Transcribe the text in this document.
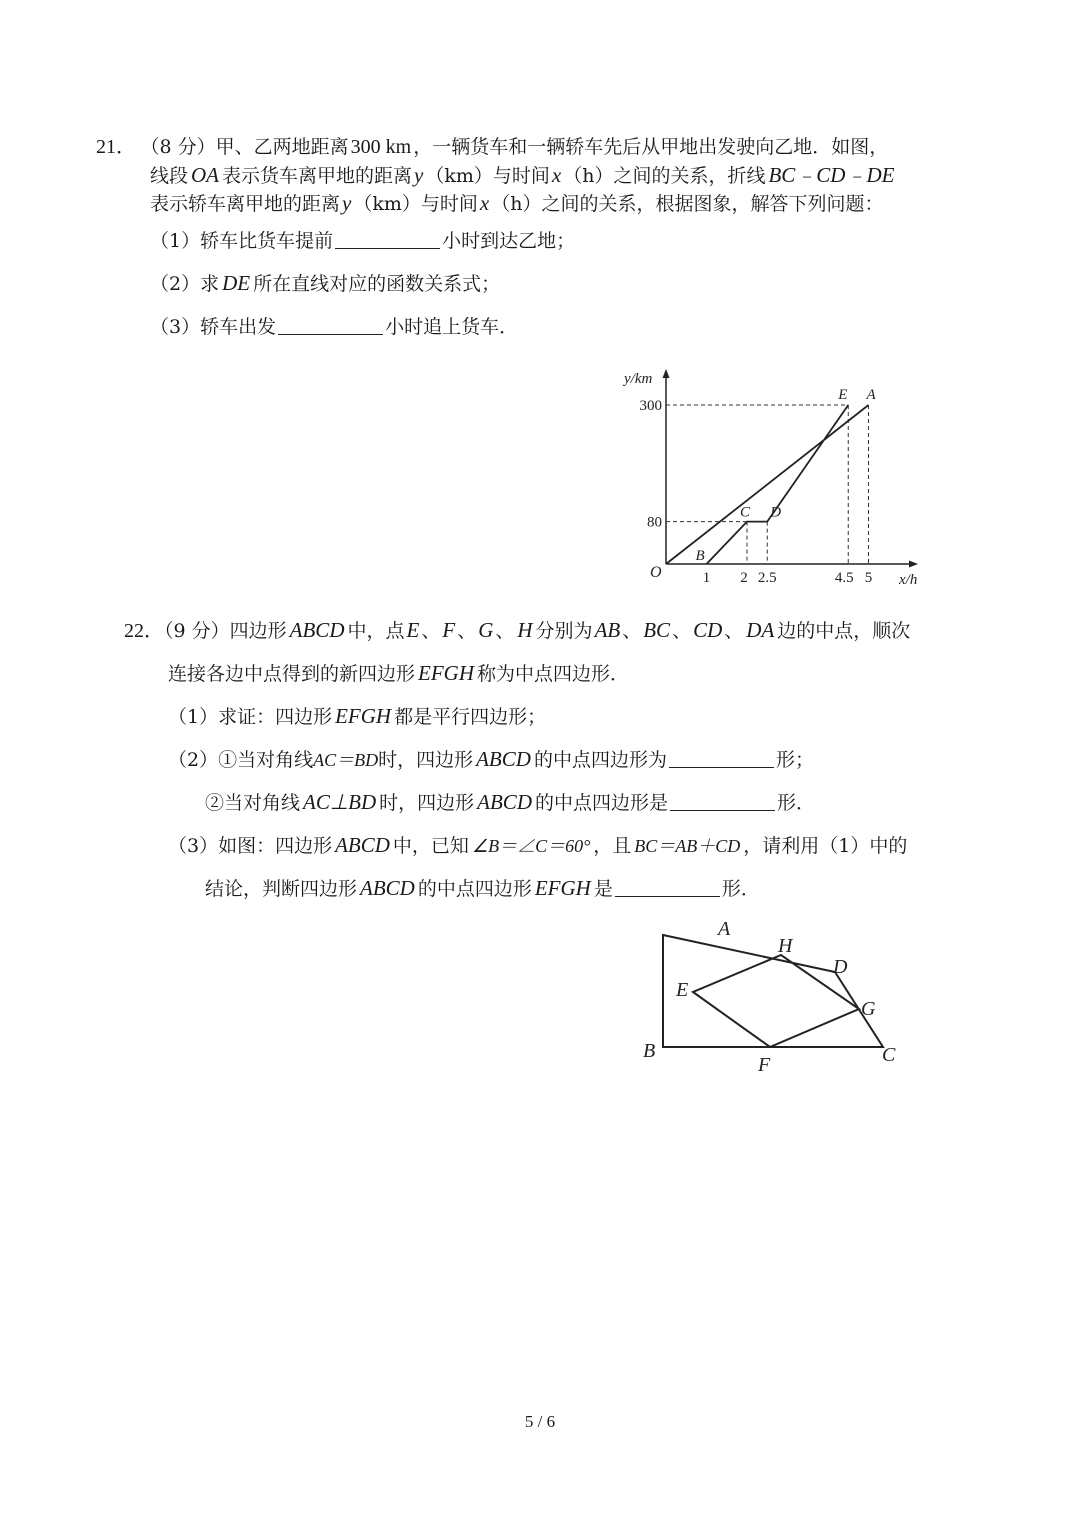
21． （8 分）甲、乙两地距离 300 km ，一辆货车和一辆轿车先后从甲地出发驶向乙地．如图，
线段 OA 表示货车离甲地的距离y （km）与时间x （h）之间的关系，折线 BC﹣CD﹣DE
表示轿车离甲地的距离y （km）与时间x （h）之间的关系，根据图象，解答下列问题：
（1）轿车比货车提前	小时到达乙地；
（2）求 DE 所在直线对应的函数关系式；
（3）轿车出发	小时追上货车．
1 2 2.5	4.5 5
80
300
y/km
x/h
O
A
B
C D
E
22．（9 分）四边形 ABCD 中，点E 、F 、G 、 H 分别为AB 、BC 、CD 、 DA 边的中点，顺次
连接各边中点得到的新四边形 EFGH 称为中点四边形．
（1）求证：四边形 EFGH 都是平行四边形；
（2）①当对角线AC＝BD时，四边形 ABCD 的中点四边形为	形；
②当对角线 AC⊥BD 时，四边形 ABCD 的中点四边形是	形．
（3）如图：四边形 ABCD 中，已知 ∠B＝∠C＝60° ，且 BC＝AB＋CD ，请利用（1）中的
结论，判断四边形 ABCD 的中点四边形 EFGH 是	形．
A
B	C
D
E
F
G
H
5 / 6
